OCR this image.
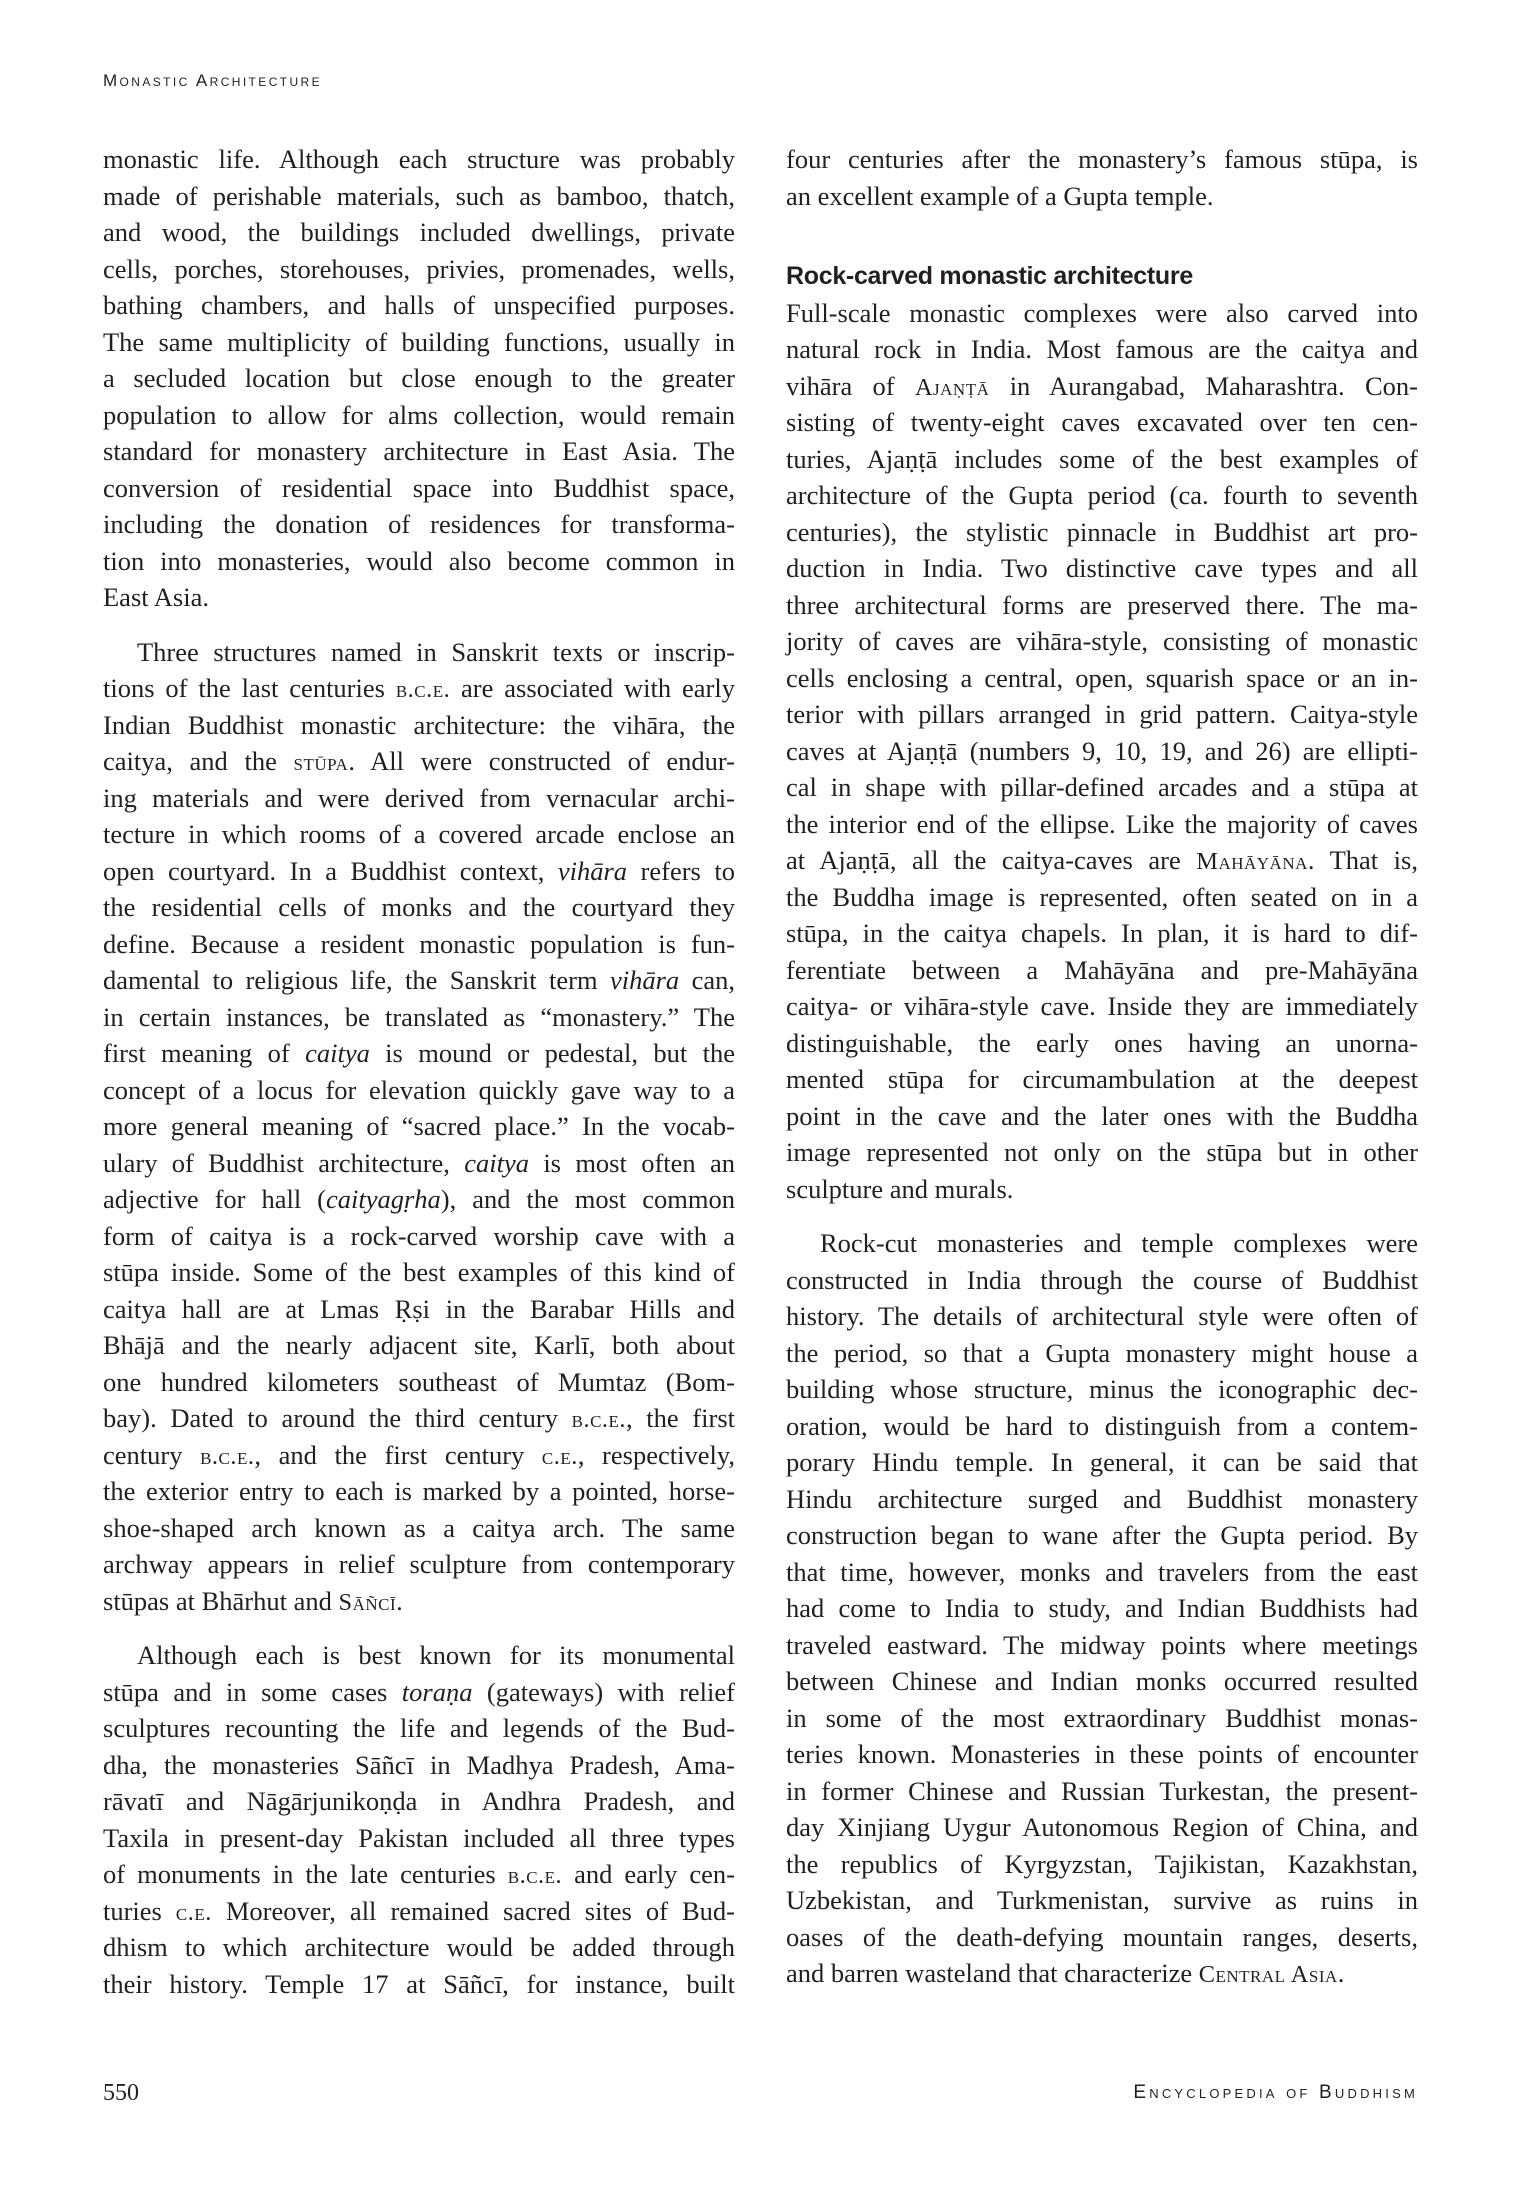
Monastic Architecture
monastic life. Although each structure was probably
made of perishable materials, such as bamboo, thatch,
and wood, the buildings included dwellings, private
cells, porches, storehouses, privies, promenades, wells,
bathing chambers, and halls of unspecified purposes.
The same multiplicity of building functions, usually in
a secluded location but close enough to the greater
population to allow for alms collection, would remain
standard for monastery architecture in East Asia. The
conversion of residential space into Buddhist space,
including the donation of residences for transforma-
tion into monasteries, would also become common in
East Asia.
Three structures named in Sanskrit texts or inscrip-
tions of the last centuries b.c.e. are associated with early
Indian Buddhist monastic architecture: the vihāra, the
caitya, and the stūpa. All were constructed of endur-
ing materials and were derived from vernacular archi-
tecture in which rooms of a covered arcade enclose an
open courtyard. In a Buddhist context, vihāra refers to
the residential cells of monks and the courtyard they
define. Because a resident monastic population is fun-
damental to religious life, the Sanskrit term vihāra can,
in certain instances, be translated as “monastery.” The
first meaning of caitya is mound or pedestal, but the
concept of a locus for elevation quickly gave way to a
more general meaning of “sacred place.” In the vocab-
ulary of Buddhist architecture, caitya is most often an
adjective for hall (caityagṛha), and the most common
form of caitya is a rock-carved worship cave with a
stūpa inside. Some of the best examples of this kind of
caitya hall are at Lmas Ṛṣi in the Barabar Hills and
Bhājā and the nearly adjacent site, Karlī, both about
one hundred kilometers southeast of Mumtaz (Bom-
bay). Dated to around the third century b.c.e., the first
century b.c.e., and the first century c.e., respectively,
the exterior entry to each is marked by a pointed, horse-
shoe-shaped arch known as a caitya arch. The same
archway appears in relief sculpture from contemporary
stūpas at Bhārhut and Sāñcī.
Although each is best known for its monumental
stūpa and in some cases toraṇa (gateways) with relief
sculptures recounting the life and legends of the Bud-
dha, the monasteries Sāñcī in Madhya Pradesh, Ama-
rāvatī and Nāgārjunikoṇḍa in Andhra Pradesh, and
Taxila in present-day Pakistan included all three types
of monuments in the late centuries b.c.e. and early cen-
turies c.e. Moreover, all remained sacred sites of Bud-
dhism to which architecture would be added through
their history. Temple 17 at Sāñcī, for instance, built
four centuries after the monastery’s famous stūpa, is
an excellent example of a Gupta temple.
Rock-carved monastic architecture
Full-scale monastic complexes were also carved into
natural rock in India. Most famous are the caitya and
vihāra of Ajaṇṭā in Aurangabad, Maharashtra. Con-
sisting of twenty-eight caves excavated over ten cen-
turies, Ajaṇṭā includes some of the best examples of
architecture of the Gupta period (ca. fourth to seventh
centuries), the stylistic pinnacle in Buddhist art pro-
duction in India. Two distinctive cave types and all
three architectural forms are preserved there. The ma-
jority of caves are vihāra-style, consisting of monastic
cells enclosing a central, open, squarish space or an in-
terior with pillars arranged in grid pattern. Caitya-style
caves at Ajaṇṭā (numbers 9, 10, 19, and 26) are ellipti-
cal in shape with pillar-defined arcades and a stūpa at
the interior end of the ellipse. Like the majority of caves
at Ajaṇṭā, all the caitya-caves are Mahāyāna. That is,
the Buddha image is represented, often seated on in a
stūpa, in the caitya chapels. In plan, it is hard to dif-
ferentiate between a Mahāyāna and pre-Mahāyāna
caitya- or vihāra-style cave. Inside they are immediately
distinguishable, the early ones having an unorna-
mented stūpa for circumambulation at the deepest
point in the cave and the later ones with the Buddha
image represented not only on the stūpa but in other
sculpture and murals.
Rock-cut monasteries and temple complexes were
constructed in India through the course of Buddhist
history. The details of architectural style were often of
the period, so that a Gupta monastery might house a
building whose structure, minus the iconographic dec-
oration, would be hard to distinguish from a contem-
porary Hindu temple. In general, it can be said that
Hindu architecture surged and Buddhist monastery
construction began to wane after the Gupta period. By
that time, however, monks and travelers from the east
had come to India to study, and Indian Buddhists had
traveled eastward. The midway points where meetings
between Chinese and Indian monks occurred resulted
in some of the most extraordinary Buddhist monas-
teries known. Monasteries in these points of encounter
in former Chinese and Russian Turkestan, the present-
day Xinjiang Uygur Autonomous Region of China, and
the republics of Kyrgyzstan, Tajikistan, Kazakhstan,
Uzbekistan, and Turkmenistan, survive as ruins in
oases of the death-defying mountain ranges, deserts,
and barren wasteland that characterize Central Asia.
550	Encyclopedia of Buddhism
